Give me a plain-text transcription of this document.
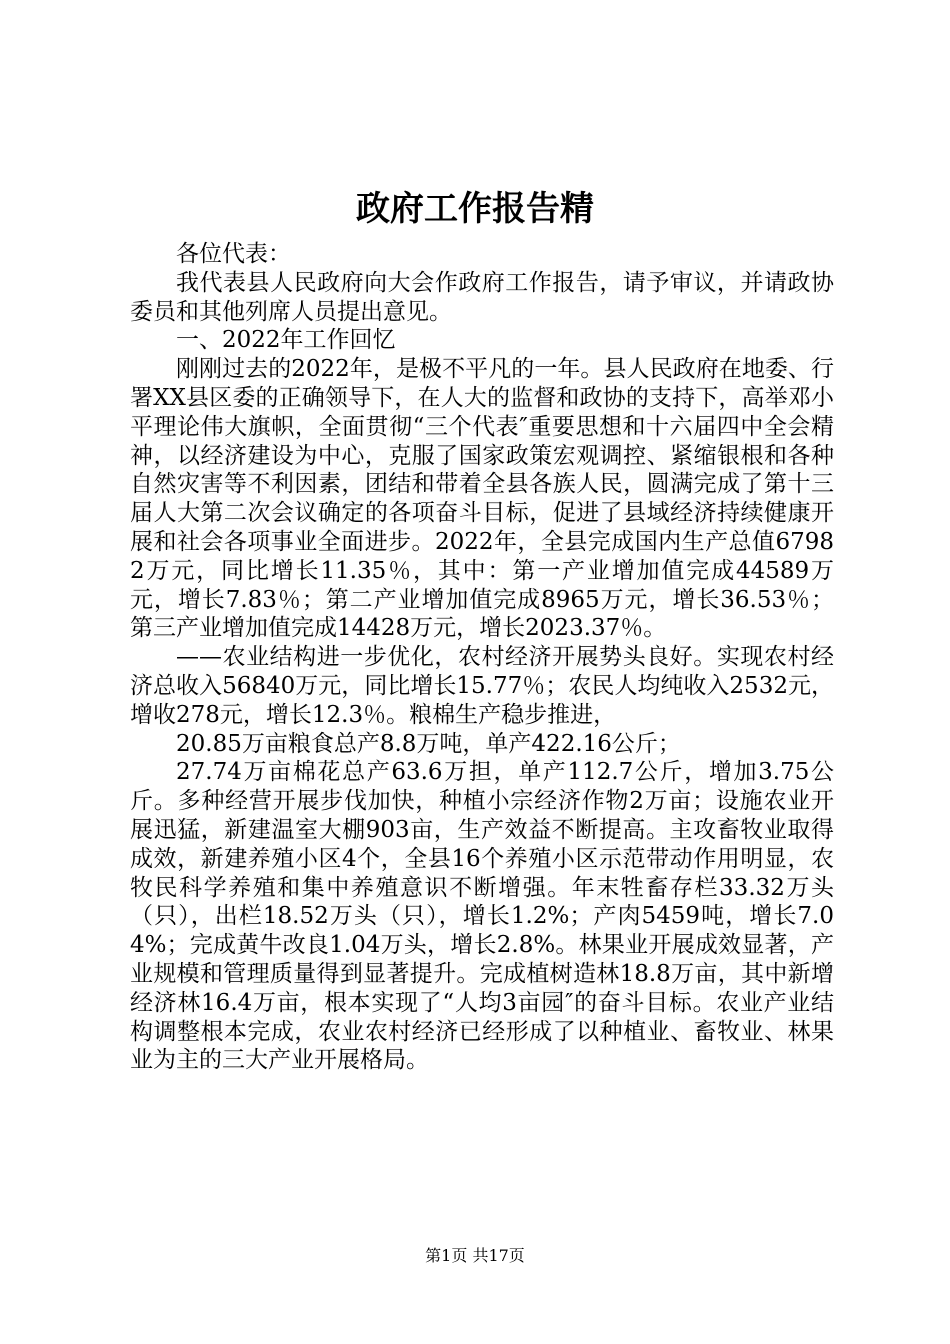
政府工作报告精

各位代表：

我代表县人民政府向大会作政府工作报告，请予审议，并请政协委员和其他列席人员提出意见。

一、2022年工作回忆

刚刚过去的2022年，是极不平凡的一年。县人民政府在地委、行署XX县区委的正确领导下，在人大的监督和政协的支持下，高举邓小平理论伟大旗帜，全面贯彻“三个代表″重要思想和十六届四中全会精神，以经济建设为中心，克服了国家政策宏观调控、紧缩银根和各种自然灾害等不利因素，团结和带着全县各族人民，圆满完成了第十三届人大第二次会议确定的各项奋斗目标，促进了县域经济持续健康开展和社会各项事业全面进步。2022年，全县完成国内生产总值67982万元，同比增长11.35％，其中：第一产业增加值完成44589万元，增长7.83％；第二产业增加值完成8965万元，增长36.53％；第三产业增加值完成14428万元，增长2023.37％。

——农业结构进一步优化，农村经济开展势头良好。实现农村经济总收入56840万元，同比增长15.77％；农民人均纯收入2532元，增收278元，增长12.3％。粮棉生产稳步推进，

20.85万亩粮食总产8.8万吨，单产422.16公斤；

27.74万亩棉花总产63.6万担，单产112.7公斤，增加3.75公斤。多种经营开展步伐加快，种植小宗经济作物2万亩；设施农业开展迅猛，新建温室大棚903亩，生产效益不断提高。主攻畜牧业取得成效，新建养殖小区4个，全县16个养殖小区示范带动作用明显，农牧民科学养殖和集中养殖意识不断增强。年末牲畜存栏33.32万头（只），出栏18.52万头（只），增长1.2%；产肉5459吨，增长7.04%；完成黄牛改良1.04万头，增长2.8%。林果业开展成效显著，产业规模和管理质量得到显著提升。完成植树造林18.8万亩，其中新增经济林16.4万亩，根本实现了“人均3亩园″的奋斗目标。农业产业结构调整根本完成，农业农村经济已经形成了以种植业、畜牧业、林果业为主的三大产业开展格局。

第1页 共17页
